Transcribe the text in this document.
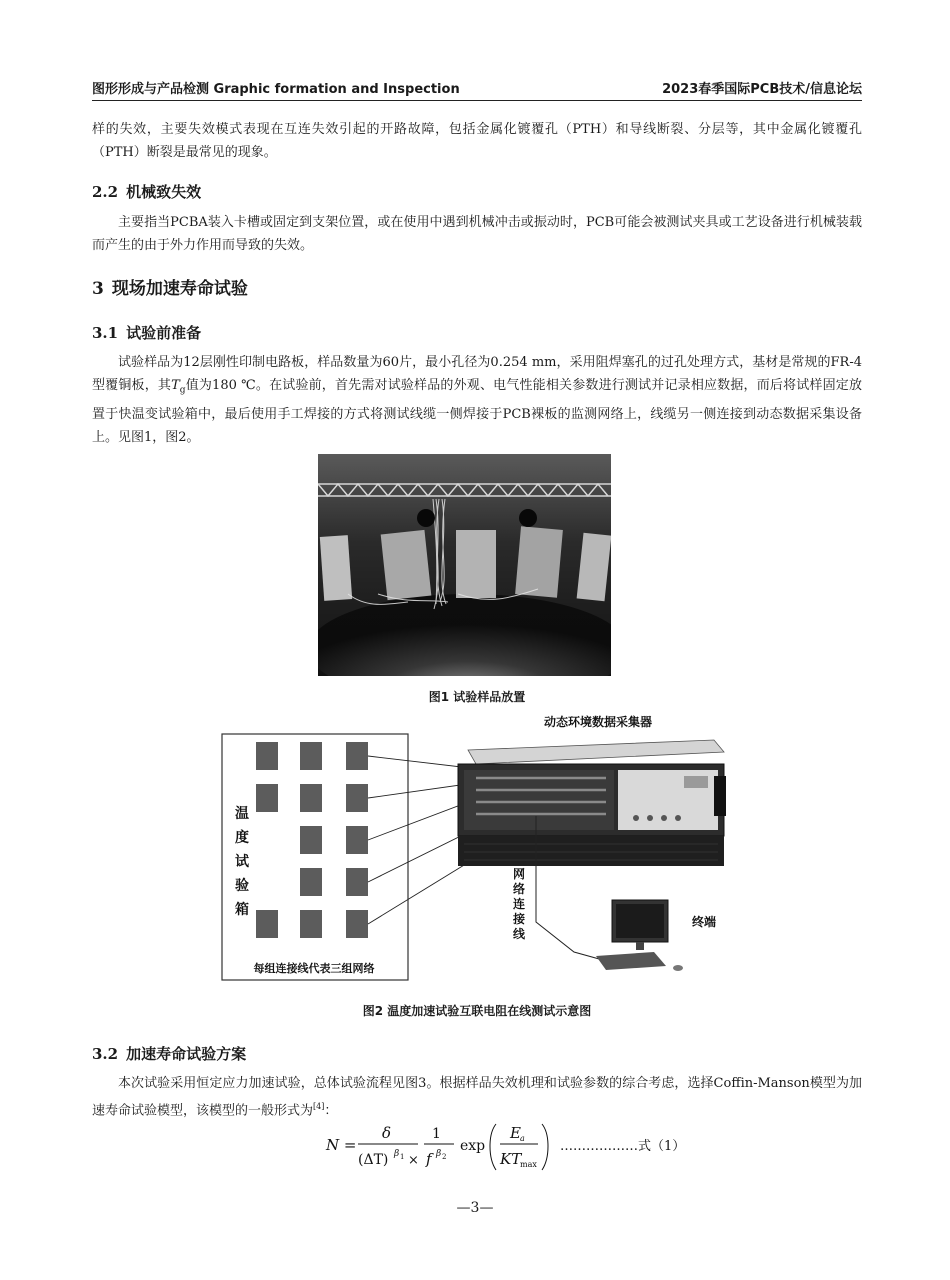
图形形成与产品检测 Graphic formation and Inspection	2023春季国际PCB技术/信息论坛

样的失效，主要失效模式表现在互连失效引起的开路故障，包括金属化镀覆孔（PTH）和导线断裂、分层等，其中金属化镀覆孔（PTH）断裂是最常见的现象。

2.2 机械致失效

主要指当PCBA装入卡槽或固定到支架位置，或在使用中遇到机械冲击或振动时，PCB可能会被测试夹具或工艺设备进行机械装载而产生的由于外力作用而导致的失效。

3 现场加速寿命试验
3.1 试验前准备

试验样品为12层刚性印制电路板，样品数量为60片，最小孔径为0.254 mm，采用阻焊塞孔的过孔处理方式，基材是常规的FR-4型覆铜板，其$T_g$值为180 ℃。在试验前，首先需对试验样品的外观、电气性能相关参数进行测试并记录相应数据，而后将试样固定放置于快温变试验箱中，最后使用手工焊接的方式将测试线缆一侧焊接于PCB裸板的监测网络上，线缆另一侧连接到动态数据采集设备上。见图1，图2。

图1 试验样品放置

温
度
试
验
箱
每组连接线代表三组网络
动态环境数据采集器
网
络
连
接
线
终端

图2 温度加速试验互联电阻在线测试示意图

3.2 加速寿命试验方案

本次试验采用恒定应力加速试验，总体试验流程见图3。根据样品失效机理和试验参数的综合考虑，选择Coffin-Manson模型为加速寿命试验模型，该模型的一般形式为[4]：

N =
δ
(ΔT) β 1 ×
1
f β 2
exp
E a
KT
max
………………式（1）
—3—
